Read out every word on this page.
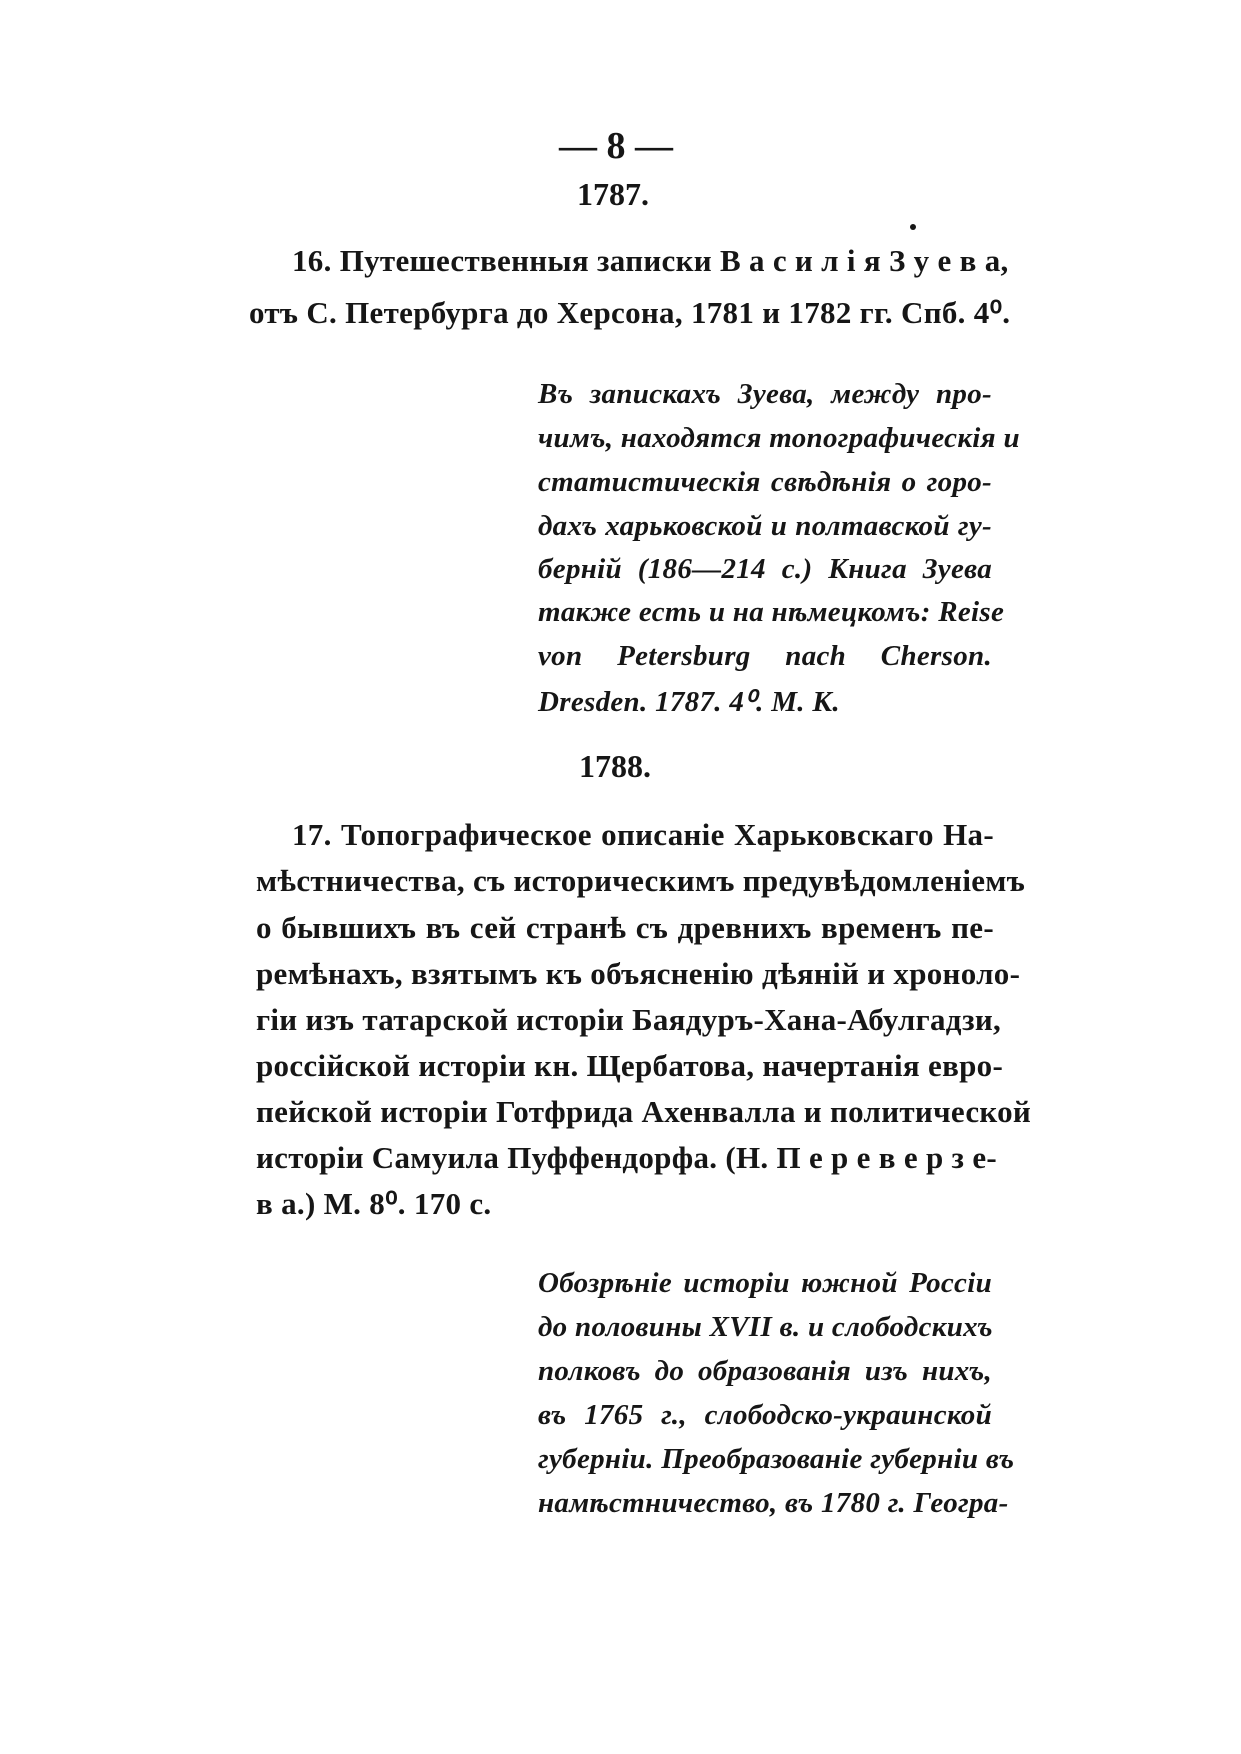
— 8 —
1787.
16. Путешественныя записки В а с и л і я З у е в а,
отъ С. Петербурга до Херсона, 1781 и 1782 гг. Спб. 4⁰.
Въ запискахъ Зуева, между про-
чимъ, находятся топографическія и
статистическія свѣдѣнія о горо-
дахъ харьковской и полтавской гу-
берній (186—214 с.) Книга Зуева
также есть и на нѣмецкомъ: Reise
von Petersburg nach Cherson.
Dresden. 1787. 4⁰. М. К.
1788.
17. Топографическое описаніе Харьковскаго На-
мѣстничества, съ историческимъ предувѣдомленіемъ
о бывшихъ въ сей странѣ съ древнихъ временъ пе-
ремѣнахъ, взятымъ къ объясненію дѣяній и хроноло-
гіи изъ татарской исторіи Баядуръ-Хана-Абулгадзи,
россійской исторіи кн. Щербатова, начертанія евро-
пейской исторіи Готфрида Ахенвалла и политической
исторіи Самуила Пуффендорфа. (Н. П е р е в е р з е-
в а.) М. 8⁰. 170 с.
Обозрѣніе исторіи южной Россіи
до половины XVII в. и слободскихъ
полковъ до образованія изъ нихъ,
въ 1765 г., слободско-украинской
губерніи. Преобразованіе губерніи въ
намѣстничество, въ 1780 г. Геогра-
